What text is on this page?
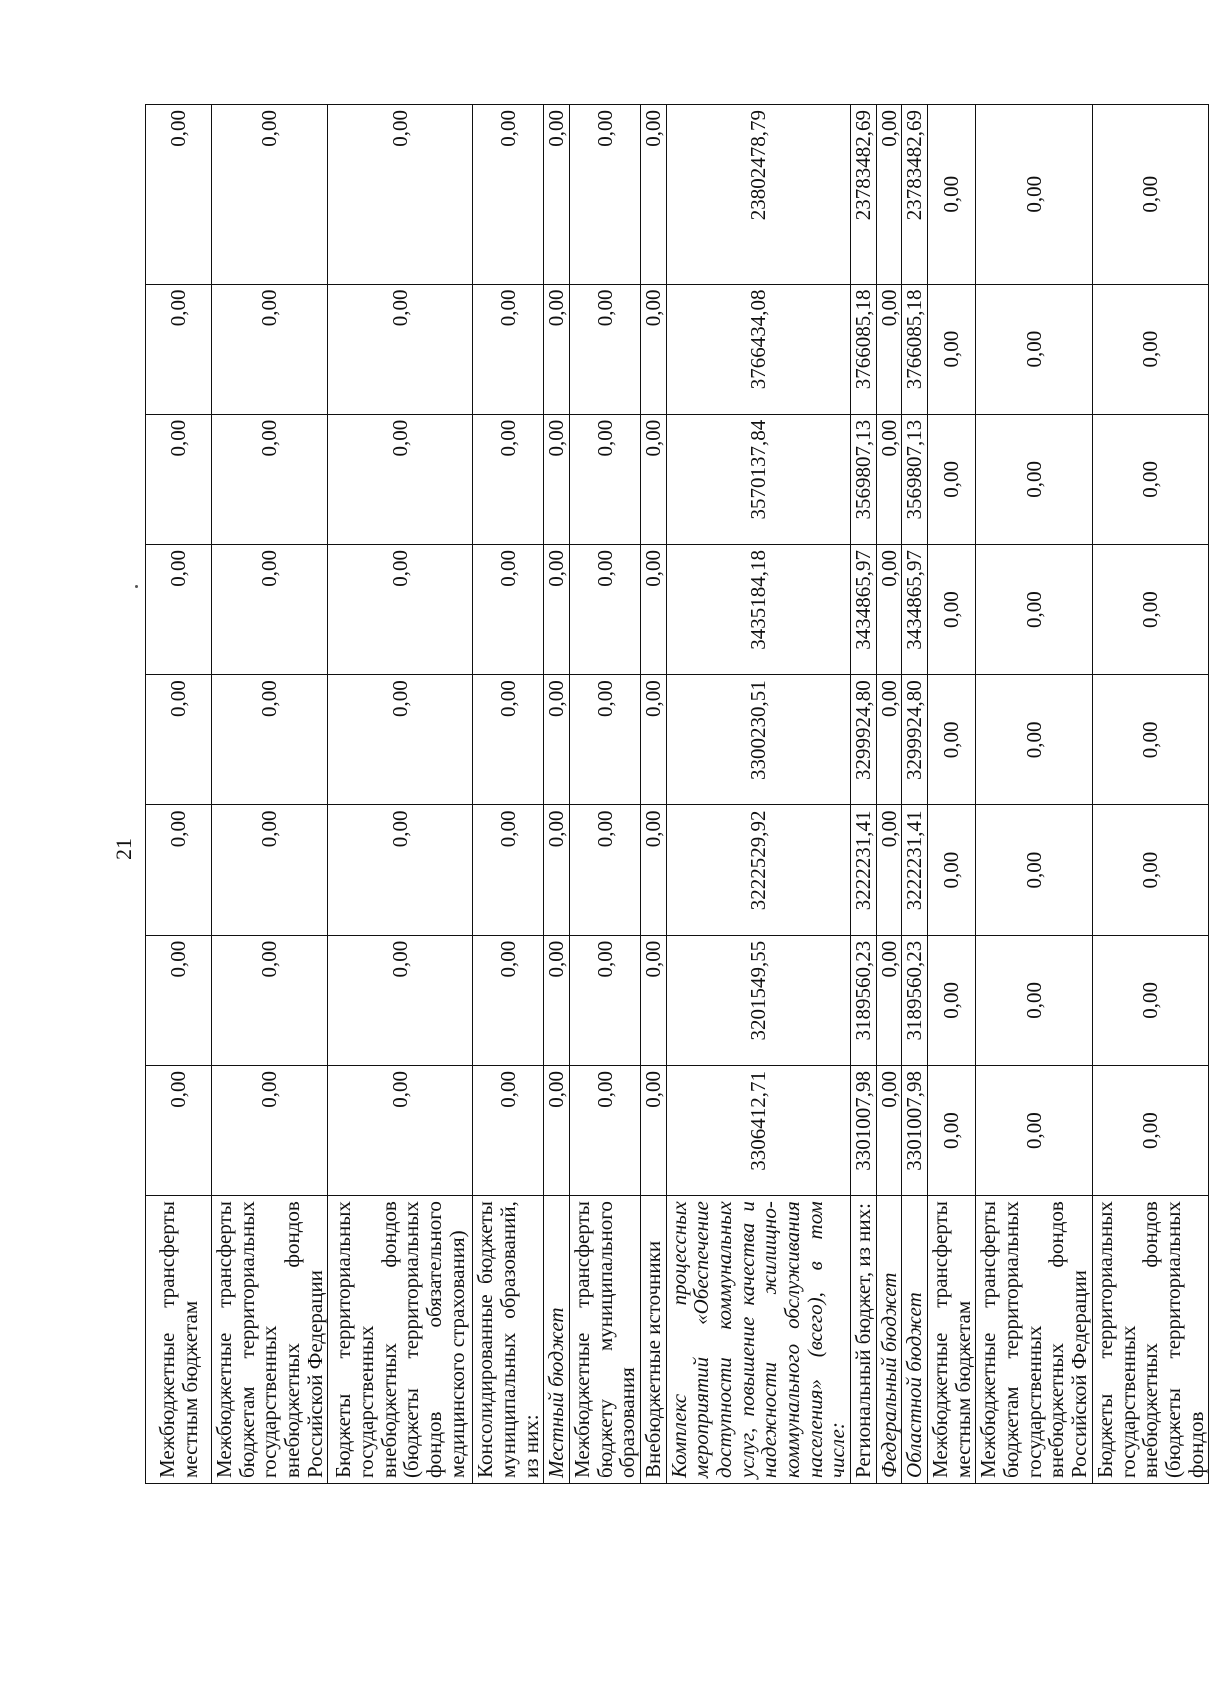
21
Межбюджетные трансферты местным бюджетам	0,00	0,00	0,00	0,00	0,00	0,00	0,00	0,00
Межбюджетные трансферты бюджетам территориальных государственных внебюджетных фондов Российской Федерации	0,00	0,00	0,00	0,00	0,00	0,00	0,00	0,00
Бюджеты территориальных государственных внебюджетных фондов (бюджеты территориальных фондов обязательного медицинского страхования)	0,00	0,00	0,00	0,00	0,00	0,00	0,00	0,00
Консолидированные бюджеты муниципальных образований, из них:	0,00	0,00	0,00	0,00	0,00	0,00	0,00	0,00
Местный бюджет	0,00	0,00	0,00	0,00	0,00	0,00	0,00	0,00
Межбюджетные трансферты бюджету муниципального образования	0,00	0,00	0,00	0,00	0,00	0,00	0,00	0,00
Внебюджетные источники	0,00	0,00	0,00	0,00	0,00	0,00	0,00	0,00
Комплекс процессных мероприятий «Обеспечение доступности коммунальных услуг, повышение качества и надежности жилищно-коммунального обслуживания населения» (всего), в том числе:	3306412,71	3201549,55	3222529,92	3300230,51	3435184,18	3570137,84	3766434,08	23802478,79
Региональный бюджет, из них:	3301007,98	3189560,23	3222231,41	3299924,80	3434865,97	3569807,13	3766085,18	23783482,69
Федеральный бюджет	0,00	0,00	0,00	0,00	0,00	0,00	0,00	0,00
Областной бюджет	3301007,98	3189560,23	3222231,41	3299924,80	3434865,97	3569807,13	3766085,18	23783482,69
Межбюджетные трансферты местным бюджетам	0,00	0,00	0,00	0,00	0,00	0,00	0,00	0,00
Межбюджетные трансферты бюджетам территориальных государственных внебюджетных фондов Российской Федерации	0,00	0,00	0,00	0,00	0,00	0,00	0,00	0,00
Бюджеты территориальных государственных внебюджетных фондов (бюджеты территориальных фондов	0,00	0,00	0,00	0,00	0,00	0,00	0,00	0,00
